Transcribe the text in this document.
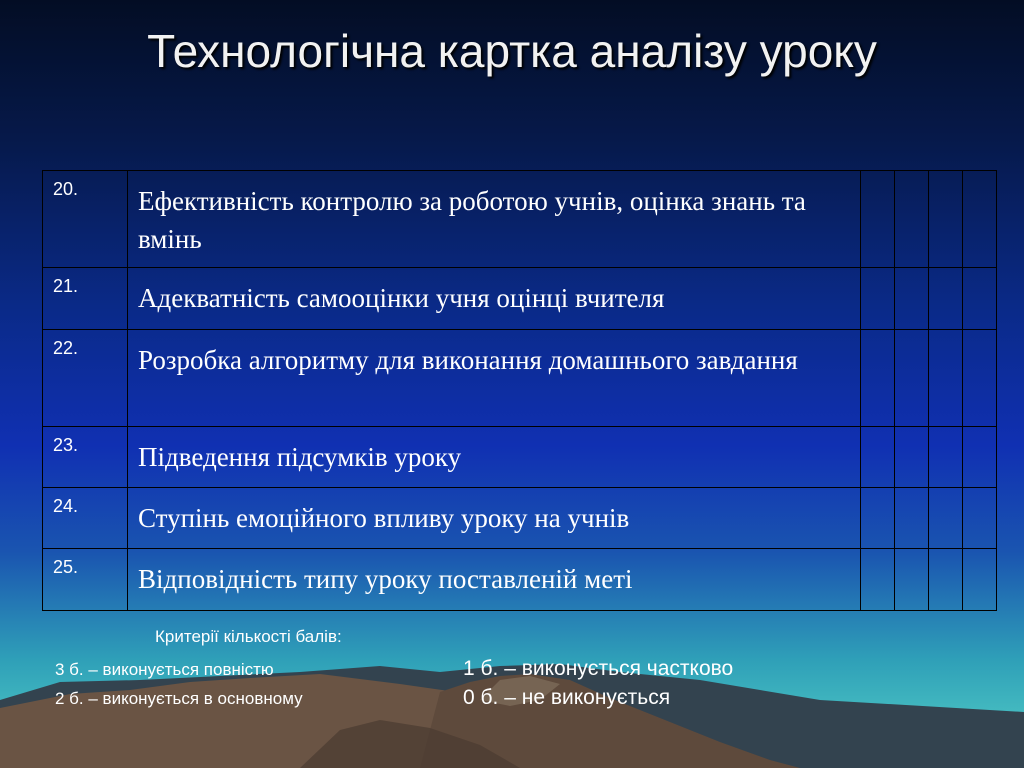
Технологічна картка аналізу уроку
20.	Ефективність контролю за роботою учнів, оцінка знань та вмінь				
21.	Адекватність самооцінки учня оцінці вчителя				
22.	Розробка алгоритму для виконання домашнього завдання				
23.	Підведення підсумків уроку				
24.	Ступінь емоційного впливу уроку на учнів				
25.	Відповідність типу уроку поставленій меті				
Критерії кількості балів:
3 б. – виконується повністю
2 б. – виконується в основному
1 б. – виконується частково
0 б. – не виконується
